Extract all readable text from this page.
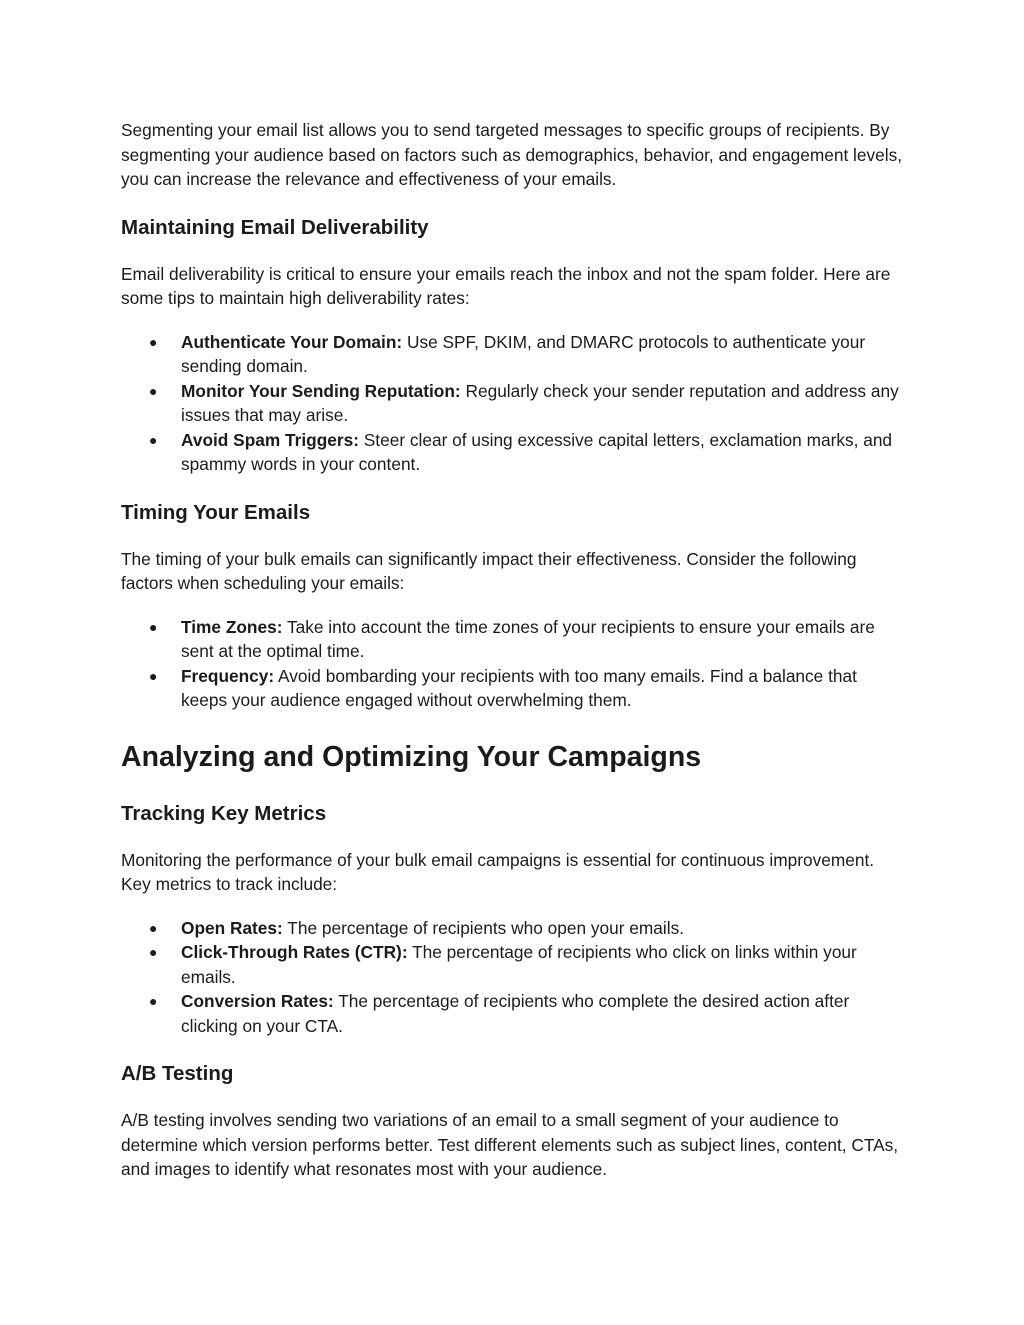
Segmenting your email list allows you to send targeted messages to specific groups of recipients. By segmenting your audience based on factors such as demographics, behavior, and engagement levels, you can increase the relevance and effectiveness of your emails.

Maintaining Email Deliverability

Email deliverability is critical to ensure your emails reach the inbox and not the spam folder. Here are some tips to maintain high deliverability rates:

● Authenticate Your Domain: Use SPF, DKIM, and DMARC protocols to authenticate your sending domain.
● Monitor Your Sending Reputation: Regularly check your sender reputation and address any issues that may arise.
● Avoid Spam Triggers: Steer clear of using excessive capital letters, exclamation marks, and spammy words in your content.
Timing Your Emails

The timing of your bulk emails can significantly impact their effectiveness. Consider the following factors when scheduling your emails:

● Time Zones: Take into account the time zones of your recipients to ensure your emails are sent at the optimal time.
● Frequency: Avoid bombarding your recipients with too many emails. Find a balance that keeps your audience engaged without overwhelming them.
Analyzing and Optimizing Your Campaigns
Tracking Key Metrics

Monitoring the performance of your bulk email campaigns is essential for continuous improvement. Key metrics to track include:

● Open Rates: The percentage of recipients who open your emails.
● Click-Through Rates (CTR): The percentage of recipients who click on links within your emails.
● Conversion Rates: The percentage of recipients who complete the desired action after clicking on your CTA.
A/B Testing

A/B testing involves sending two variations of an email to a small segment of your audience to determine which version performs better. Test different elements such as subject lines, content, CTAs, and images to identify what resonates most with your audience.
